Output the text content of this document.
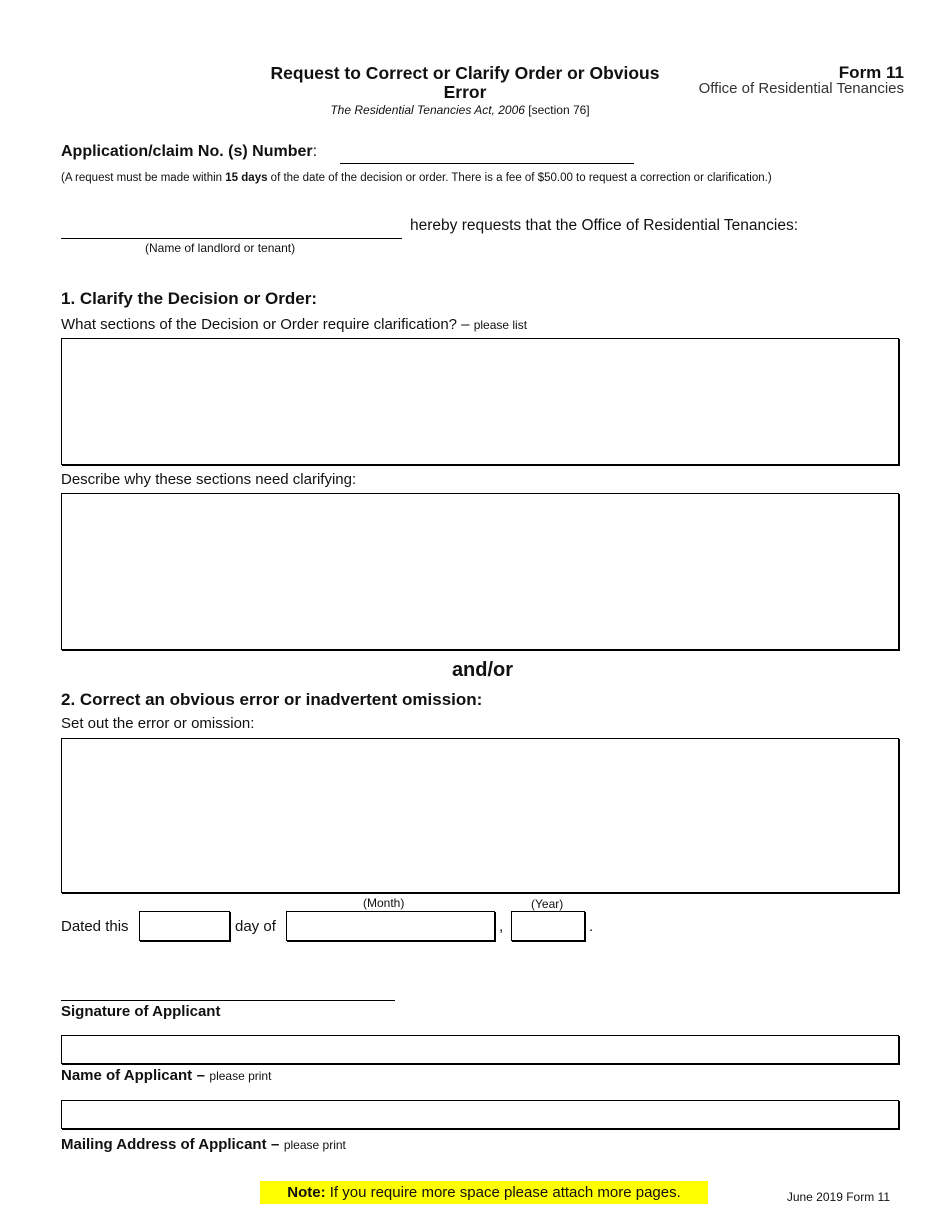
Request to Correct or Clarify Order or Obvious Error
The Residential Tenancies Act, 2006 [section 76]
Form 11
Office of Residential Tenancies
Application/claim No. (s) Number:
(A request must be made within 15 days of the date of the decision or order. There is a fee of $50.00 to request a correction or clarification.)
(Name of landlord or tenant)
hereby requests that the Office of Residential Tenancies:
1. Clarify the Decision or Order:
What sections of the Decision or Order require clarification? – please list
Describe why these sections need clarifying:
and/or
2. Correct an obvious error or inadvertent omission:
Set out the error or omission:
(Month)	(Year)
Dated this	day of	,	.
Signature of Applicant
Name of Applicant – please print
Mailing Address of Applicant – please print
Note: If you require more space please attach more pages.	June 2019 Form 11
